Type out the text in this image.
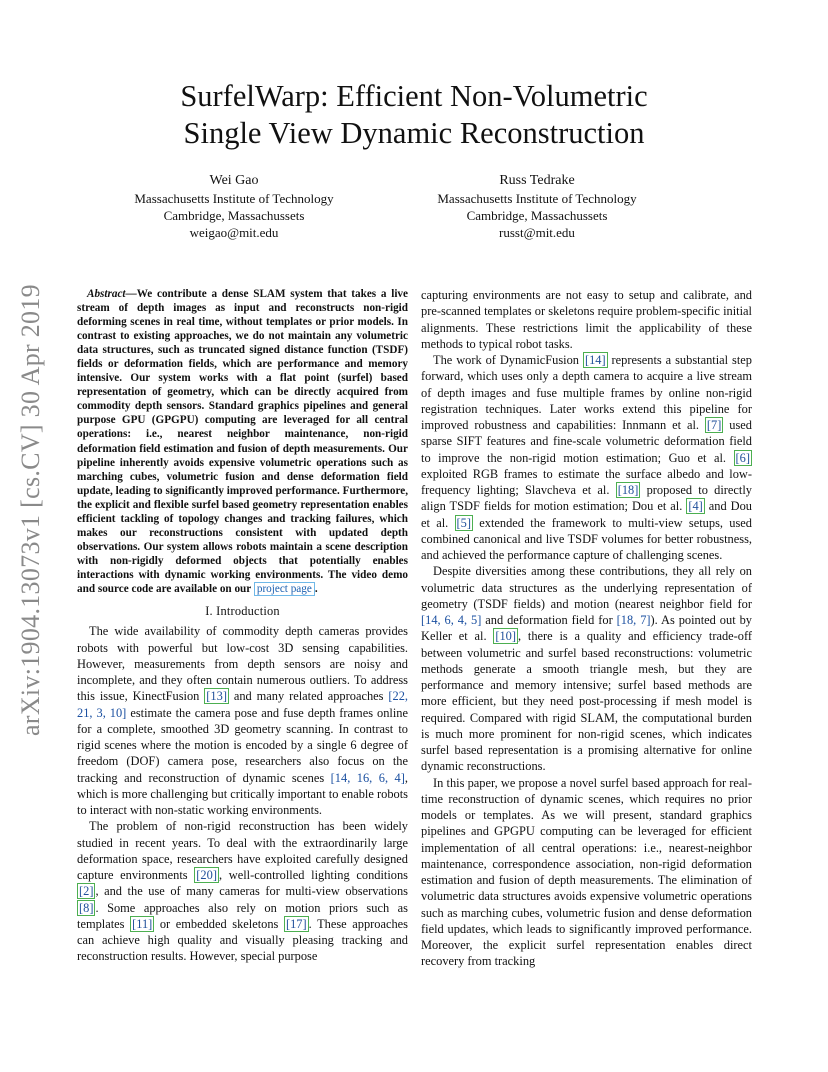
arXiv:1904.13073v1 [cs.CV] 30 Apr 2019
SurfelWarp: Efficient Non-Volumetric
Single View Dynamic Reconstruction
Wei Gao
Massachusetts Institute of Technology
Cambridge, Massachussets
weigao@mit.edu
Russ Tedrake
Massachusetts Institute of Technology
Cambridge, Massachussets
russt@mit.edu

Abstract—We contribute a dense SLAM system that takes a live stream of depth images as input and reconstructs non-rigid deforming scenes in real time, without templates or prior models. In contrast to existing approaches, we do not maintain any volumetric data structures, such as truncated signed distance function (TSDF) fields or deformation fields, which are performance and memory intensive. Our system works with a flat point (surfel) based representation of geometry, which can be directly acquired from commodity depth sensors. Standard graphics pipelines and general purpose GPU (GPGPU) computing are leveraged for all central operations: i.e., nearest neighbor maintenance, non-rigid deformation field estimation and fusion of depth measurements. Our pipeline inherently avoids expensive volumetric operations such as marching cubes, volumetric fusion and dense deformation field update, leading to significantly improved performance. Furthermore, the explicit and flexible surfel based geometry representation enables efficient tackling of topology changes and tracking failures, which makes our reconstructions consistent with updated depth observations. Our system allows robots maintain a scene description with non-rigidly deformed objects that potentially enables interactions with dynamic working environments. The video demo and source code are available on our project page .

I. Introduction

The wide availability of commodity depth cameras provides robots with powerful but low-cost 3D sensing capabilities. However, measurements from depth sensors are noisy and incomplete, and they often contain numerous outliers. To address this issue, KinectFusion [13] and many related approaches [22, 21, 3, 10] estimate the camera pose and fuse depth frames online for a complete, smoothed 3D geometry scanning. In contrast to rigid scenes where the motion is encoded by a single 6 degree of freedom (DOF) camera pose, researchers also focus on the tracking and reconstruction of dynamic scenes [14, 16, 6, 4], which is more challenging but critically important to enable robots to interact with non-static working environments.

The problem of non-rigid reconstruction has been widely studied in recent years. To deal with the extraordinarily large deformation space, researchers have exploited carefully designed capture environments [20] , well-controlled lighting conditions [2] , and the use of many cameras for multi-view observations [8] . Some approaches also rely on motion priors such as templates [11] or embedded skeletons [17] . These approaches can achieve high quality and visually pleasing tracking and reconstruction results. However, special purpose

capturing environments are not easy to setup and calibrate, and pre-scanned templates or skeletons require problem-specific initial alignments. These restrictions limit the applicability of these methods to typical robot tasks.

The work of DynamicFusion [14] represents a substantial step forward, which uses only a depth camera to acquire a live stream of depth images and fuse multiple frames by online non-rigid registration techniques. Later works extend this pipeline for improved robustness and capabilities: Innmann et al. [7] used sparse SIFT features and fine-scale volumetric deformation field to improve the non-rigid motion estimation; Guo et al. [6] exploited RGB frames to estimate the surface albedo and low-frequency lighting; Slavcheva et al. [18] proposed to directly align TSDF fields for motion estimation; Dou et al. [4] and Dou et al. [5] extended the framework to multi-view setups, used combined canonical and live TSDF volumes for better robustness, and achieved the performance capture of challenging scenes.

Despite diversities among these contributions, they all rely on volumetric data structures as the underlying representation of geometry (TSDF fields) and motion (nearest neighbor field for [14, 6, 4, 5] and deformation field for [18, 7]). As pointed out by Keller et al. [10] , there is a quality and efficiency trade-off between volumetric and surfel based reconstructions: volumetric methods generate a smooth triangle mesh, but they are performance and memory intensive; surfel based methods are more efficient, but they need post-processing if mesh model is required. Compared with rigid SLAM, the computational burden is much more prominent for non-rigid scenes, which indicates surfel based representation is a promising alternative for online dynamic reconstructions.

In this paper, we propose a novel surfel based approach for real-time reconstruction of dynamic scenes, which requires no prior models or templates. As we will present, standard graphics pipelines and GPGPU computing can be leveraged for efficient implementation of all central operations: i.e., nearest-neighbor maintenance, correspondence association, non-rigid deformation estimation and fusion of depth measurements. The elimination of volumetric data structures avoids expensive volumetric operations such as marching cubes, volumetric fusion and dense deformation field updates, which leads to significantly improved performance. Moreover, the explicit surfel representation enables direct recovery from tracking
